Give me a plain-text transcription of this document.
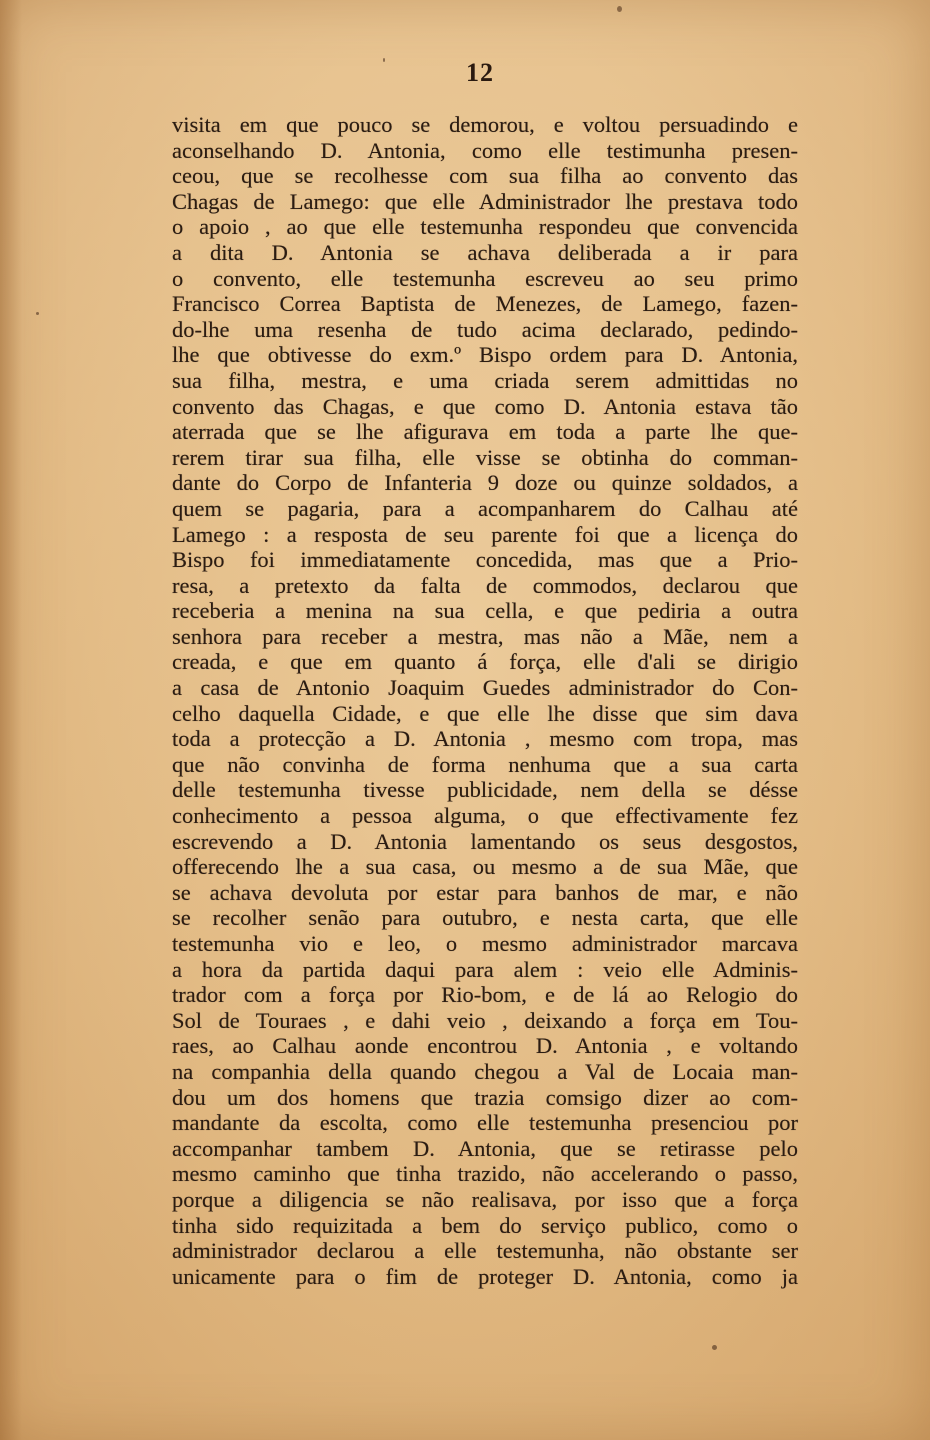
12
visita em que pouco se demorou, e voltou persuadindo e
aconselhando D. Antonia, como elle testimunha presen-
ceou, que se recolhesse com sua filha ao convento das
Chagas de Lamego: que elle Administrador lhe prestava todo
o apoio , ao que elle testemunha respondeu que convencida
a dita D. Antonia se achava deliberada a ir para
o convento, elle testemunha escreveu ao seu primo
Francisco Correa Baptista de Menezes, de Lamego, fazen-
do-lhe uma resenha de tudo acima declarado, pedindo-
lhe que obtivesse do exm.º Bispo ordem para D. Antonia,
sua filha, mestra, e uma criada serem admittidas no
convento das Chagas, e que como D. Antonia estava tão
aterrada que se lhe afigurava em toda a parte lhe que-
rerem tirar sua filha, elle visse se obtinha do comman-
dante do Corpo de Infanteria 9 doze ou quinze soldados, a
quem se pagaria, para a acompanharem do Calhau até
Lamego : a resposta de seu parente foi que a licença do
Bispo foi immediatamente concedida, mas que a Prio-
resa, a pretexto da falta de commodos, declarou que
receberia a menina na sua cella, e que pediria a outra
senhora para receber a mestra, mas não a Mãe, nem a
creada, e que em quanto á força, elle d'ali se dirigio
a casa de Antonio Joaquim Guedes administrador do Con-
celho daquella Cidade, e que elle lhe disse que sim dava
toda a protecção a D. Antonia , mesmo com tropa, mas
que não convinha de forma nenhuma que a sua carta
delle testemunha tivesse publicidade, nem della se désse
conhecimento a pessoa alguma, o que effectivamente fez
escrevendo a D. Antonia lamentando os seus desgostos,
offerecendo lhe a sua casa, ou mesmo a de sua Mãe, que
se achava devoluta por estar para banhos de mar, e não
se recolher senão para outubro, e nesta carta, que elle
testemunha vio e leo, o mesmo administrador marcava
a hora da partida daqui para alem : veio elle Adminis-
trador com a força por Rio-bom, e de lá ao Relogio do
Sol de Touraes , e dahi veio , deixando a força em Tou-
raes, ao Calhau aonde encontrou D. Antonia , e voltando
na companhia della quando chegou a Val de Locaia man-
dou um dos homens que trazia comsigo dizer ao com-
mandante da escolta, como elle testemunha presenciou por
accompanhar tambem D. Antonia, que se retirasse pelo
mesmo caminho que tinha trazido, não accelerando o passo,
porque a diligencia se não realisava, por isso que a força
tinha sido requizitada a bem do serviço publico, como o
administrador declarou a elle testemunha, não obstante ser
unicamente para o fim de proteger D. Antonia, como ja
